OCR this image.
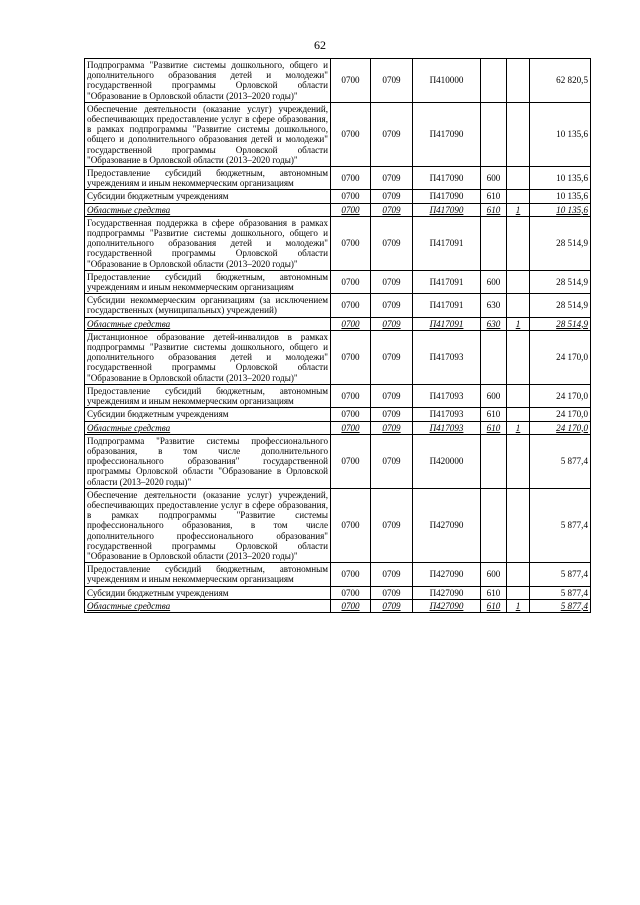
62
Подпрограмма "Развитие системы дошкольного, общего и дополнительного образования детей и молодежи" государственной программы Орловской области "Образование в Орловской области (2013–2020 годы)"	0700	0709	П410000			62 820,5
Обеспечение деятельности (оказание услуг) учреждений, обеспечивающих предоставление услуг в сфере образования, в рамках подпрограммы "Развитие системы дошкольного, общего и дополнительного образования детей и молодежи" государственной программы Орловской области "Образование в Орловской области (2013–2020 годы)"	0700	0709	П417090			10 135,6
Предоставление субсидий бюджетным, автономным учреждениям и иным некоммерческим организациям	0700	0709	П417090	600		10 135,6
Субсидии бюджетным учреждениям	0700	0709	П417090	610		10 135,6
Областные средства	0700	0709	П417090	610	1	10 135,6
Государственная поддержка в сфере образования в рамках подпрограммы "Развитие системы дошкольного, общего и дополнительного образования детей и молодежи" государственной программы Орловской области "Образование в Орловской области (2013–2020 годы)"	0700	0709	П417091			28 514,9
Предоставление субсидий бюджетным, автономным учреждениям и иным некоммерческим организациям	0700	0709	П417091	600		28 514,9
Субсидии некоммерческим организациям (за исключением государственных (муниципальных) учреждений)	0700	0709	П417091	630		28 514,9
Областные средства	0700	0709	П417091	630	1	28 514,9
Дистанционное образование детей-инвалидов в рамках подпрограммы "Развитие системы дошкольного, общего и дополнительного образования детей и молодежи" государственной программы Орловской области "Образование в Орловской области (2013–2020 годы)"	0700	0709	П417093			24 170,0
Предоставление субсидий бюджетным, автономным учреждениям и иным некоммерческим организациям	0700	0709	П417093	600		24 170,0
Субсидии бюджетным учреждениям	0700	0709	П417093	610		24 170,0
Областные средства	0700	0709	П417093	610	1	24 170,0
Подпрограмма "Развитие системы профессионального образования, в том числе дополнительного профессионального образования" государственной программы Орловской области "Образование в Орловской области (2013–2020 годы)"	0700	0709	П420000			5 877,4
Обеспечение деятельности (оказание услуг) учреждений, обеспечивающих предоставление услуг в сфере образования, в рамках подпрограммы "Развитие системы профессионального образования, в том числе дополнительного профессионального образования" государственной программы Орловской области "Образование в Орловской области (2013–2020 годы)"	0700	0709	П427090			5 877,4
Предоставление субсидий бюджетным, автономным учреждениям и иным некоммерческим организациям	0700	0709	П427090	600		5 877,4
Субсидии бюджетным учреждениям	0700	0709	П427090	610		5 877,4
Областные средства	0700	0709	П427090	610	1	5 877,4
